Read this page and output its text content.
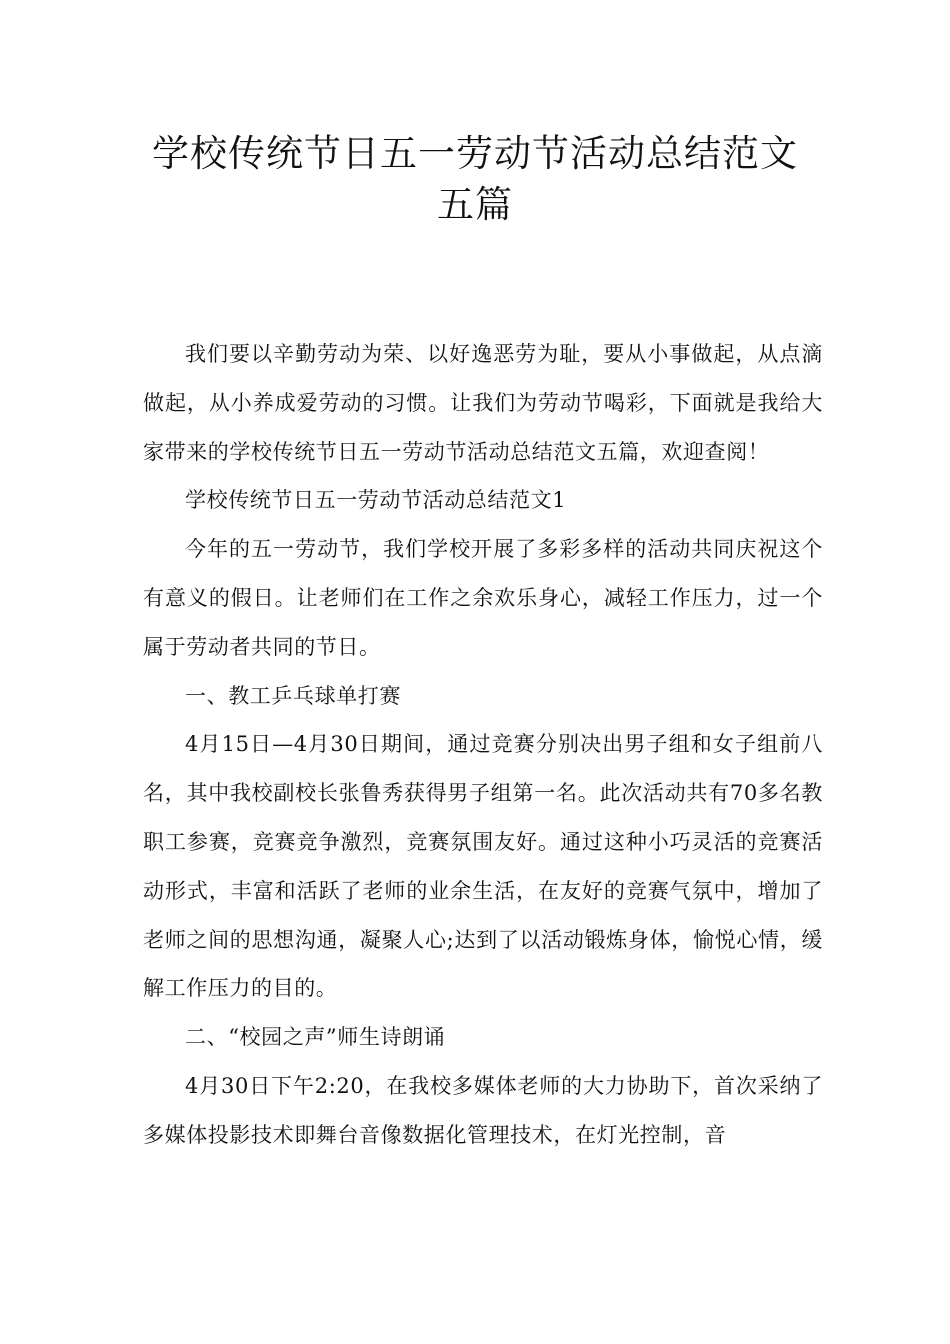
学校传统节日五一劳动节活动总结范文
五篇

我们要以辛勤劳动为荣、以好逸恶劳为耻，要从小事做起，从点滴做起，从小养成爱劳动的习惯。让我们为劳动节喝彩，下面就是我给大家带来的学校传统节日五一劳动节活动总结范文五篇，欢迎查阅！

学校传统节日五一劳动节活动总结范文1

今年的五一劳动节，我们学校开展了多彩多样的活动共同庆祝这个有意义的假日。让老师们在工作之余欢乐身心，减轻工作压力，过一个属于劳动者共同的节日。

一、教工乒乓球单打赛

4月15日—4月30日期间，通过竞赛分别决出男子组和女子组前八名，其中我校副校长张鲁秀获得男子组第一名。此次活动共有70多名教职工参赛，竞赛竞争激烈，竞赛氛围友好。通过这种小巧灵活的竞赛活动形式，丰富和活跃了老师的业余生活，在友好的竞赛气氛中，增加了老师之间的思想沟通，凝聚人心;达到了以活动锻炼身体，愉悦心情，缓解工作压力的目的。

二、“校园之声”师生诗朗诵

4月30日下午2:20，在我校多媒体老师的大力协助下，首次采纳了多媒体投影技术即舞台音像数据化管理技术，在灯光控制，音
